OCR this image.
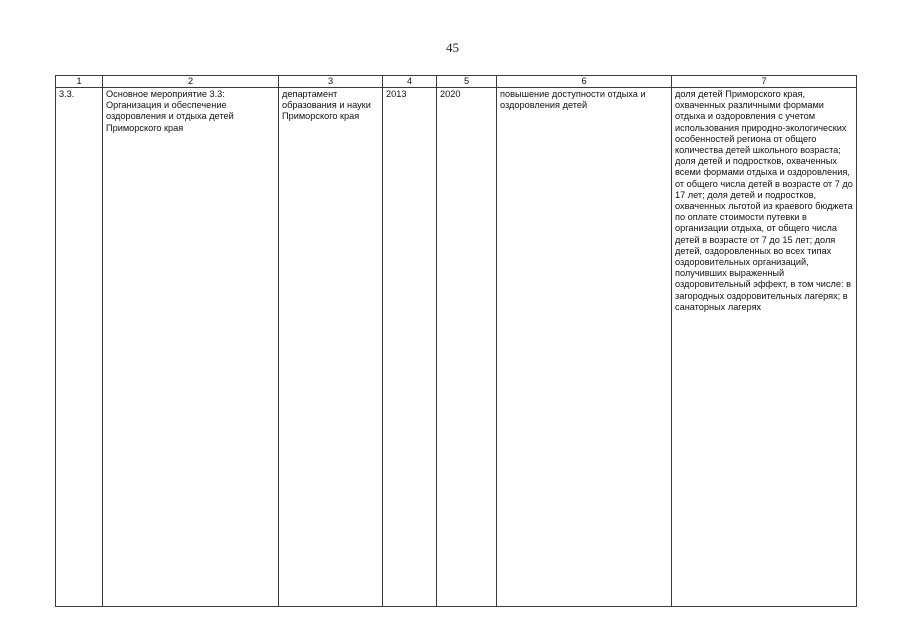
45
1	2	3	4	5	6	7

3.3.	Основное мероприятие 3.3: Организация и обеспечение оздоровления и отдыха детей Приморского края	департамент образования и науки Приморского края	2013	2020	повышение доступности отдыха и оздоровления детей	доля детей Приморского края, охваченных различными формами отдыха и оздоровления с учетом использования природно-экологических особенностей региона от общего количества детей школьного возраста; доля детей и подростков, охваченных всеми формами отдыха и оздоровления, от общего числа детей в возрасте от 7 до 17 лет; доля детей и подростков, охваченных льготой из краевого бюджета по оплате стоимости путевки в организации отдыха, от общего числа детей в возрасте от 7 до 15 лет; доля детей, оздоровленных во всех типах оздоровительных организаций, получивших выраженный оздоровительный эффект, в том числе: в загородных оздоровительных лагерях; в санаторных лагерях
